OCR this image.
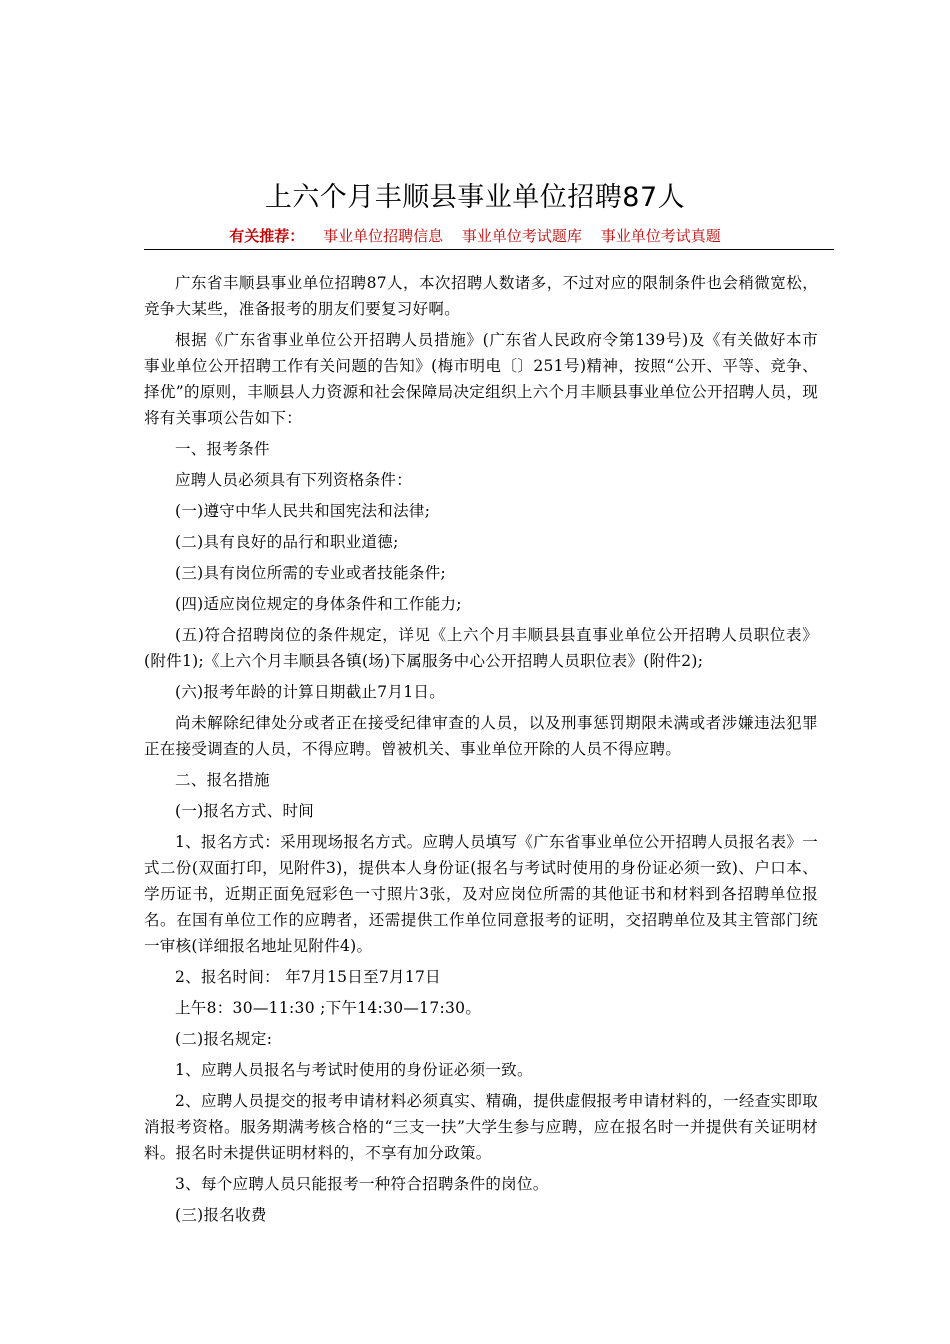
上六个月丰顺县事业单位招聘87人
有关推荐： 事业单位招聘信息 事业单位考试题库 事业单位考试真题

广东省丰顺县事业单位招聘87人，本次招聘人数诸多，不过对应的限制条件也会稍微宽松，竞争大某些，准备报考的朋友们要复习好啊。

根据《广东省事业单位公开招聘人员措施》(广东省人民政府令第139号)及《有关做好本市事业单位公开招聘工作有关问题的告知》(梅市明电〔〕251号)精神，按照“公开、平等、竞争、择优”的原则，丰顺县人力资源和社会保障局决定组织上六个月丰顺县事业单位公开招聘人员，现将有关事项公告如下：

一、报考条件

应聘人员必须具有下列资格条件：

(一)遵守中华人民共和国宪法和法律;

(二)具有良好的品行和职业道德;

(三)具有岗位所需的专业或者技能条件;

(四)适应岗位规定的身体条件和工作能力;

(五)符合招聘岗位的条件规定，详见《上六个月丰顺县县直事业单位公开招聘人员职位表》(附件1);《上六个月丰顺县各镇(场)下属服务中心公开招聘人员职位表》(附件2);

(六)报考年龄的计算日期截止7月1日。

尚未解除纪律处分或者正在接受纪律审查的人员，以及刑事惩罚期限未满或者涉嫌违法犯罪正在接受调查的人员，不得应聘。曾被机关、事业单位开除的人员不得应聘。

二、报名措施

(一)报名方式、时间

1、报名方式：采用现场报名方式。应聘人员填写《广东省事业单位公开招聘人员报名表》一式二份(双面打印，见附件3)，提供本人身份证(报名与考试时使用的身份证必须一致)、户口本、学历证书，近期正面免冠彩色一寸照片3张，及对应岗位所需的其他证书和材料到各招聘单位报名。在国有单位工作的应聘者，还需提供工作单位同意报考的证明，交招聘单位及其主管部门统一审核(详细报名地址见附件4)。

2、报名时间： 年7月15日至7月17日

上午8：30—11:30 ;下午14:30—17:30。

(二)报名规定:

1、应聘人员报名与考试时使用的身份证必须一致。

2、应聘人员提交的报考申请材料必须真实、精确，提供虚假报考申请材料的，一经查实即取消报考资格。服务期满考核合格的“三支一扶”大学生参与应聘，应在报名时一并提供有关证明材料。报名时未提供证明材料的，不享有加分政策。

3、每个应聘人员只能报考一种符合招聘条件的岗位。

(三)报名收费
